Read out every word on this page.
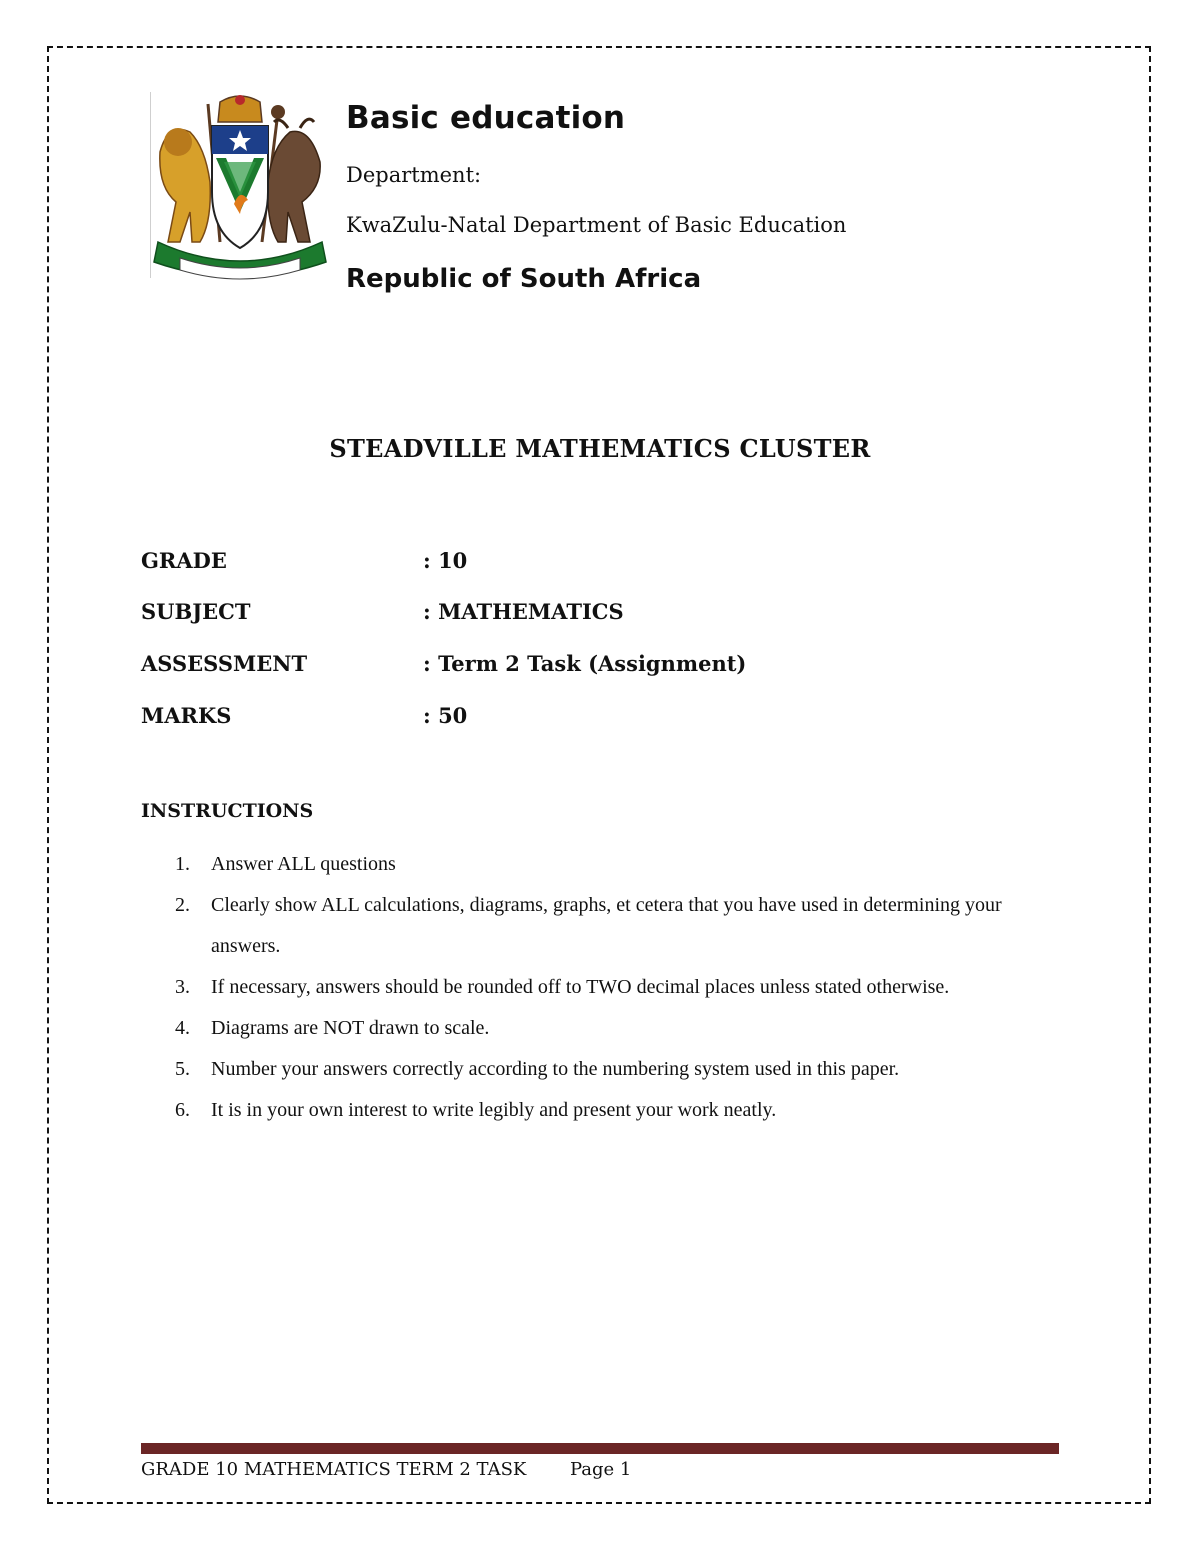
Basic education
Department:
KwaZulu-Natal Department of Basic Education
Republic of South Africa
STEADVILLE MATHEMATICS CLUSTER
GRADE	: 10
SUBJECT	: MATHEMATICS
ASSESSMENT	: Term 2 Task (Assignment)
MARKS	: 50
INSTRUCTIONS
1. Answer ALL questions
2. Clearly show ALL calculations, diagrams, graphs, et cetera that you have used in determining your answers.
3. If necessary, answers should be rounded off to TWO decimal places unless stated otherwise.
4. Diagrams are NOT drawn to scale.
5. Number your answers correctly according to the numbering system used in this paper.
6. It is in your own interest to write legibly and present your work neatly.
GRADE 10 MATHEMATICS TERM 2 TASK Page 1
